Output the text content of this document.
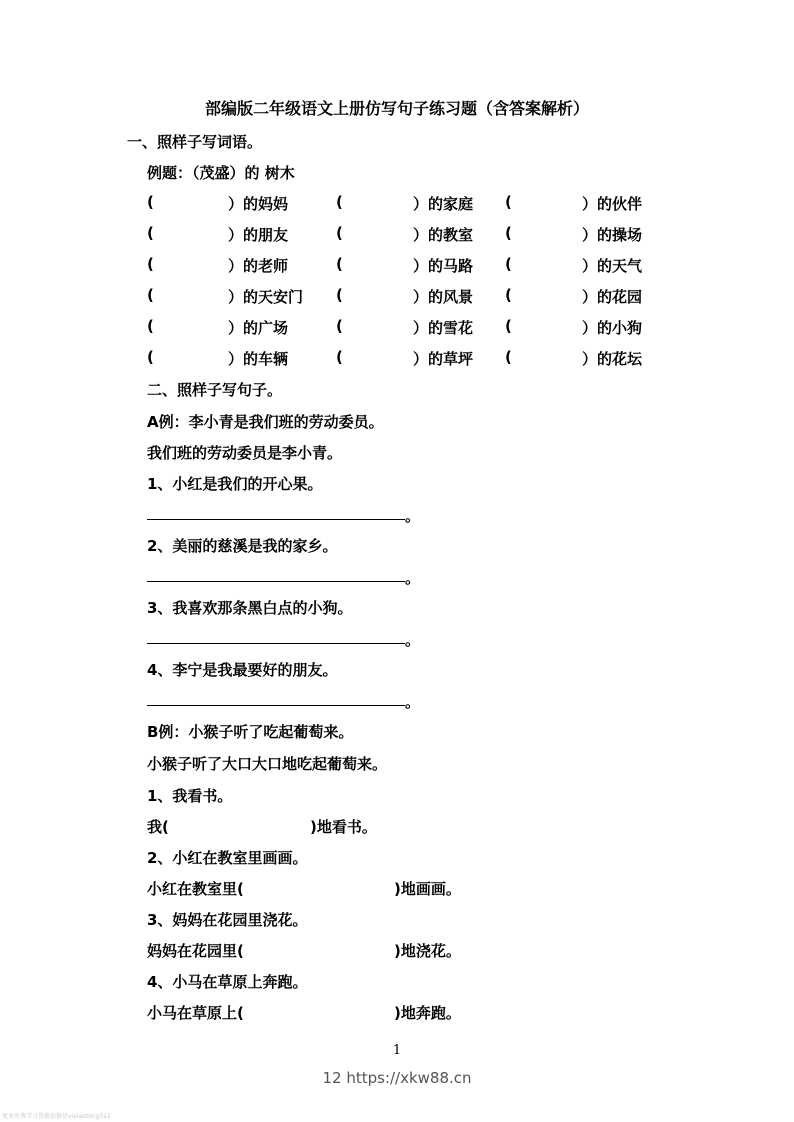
部编版二年级语文上册仿写句子练习题（含答案解析）
一、照样子写词语。
例题：（茂盛）的 树木
(	）的妈妈	(	）的家庭 (	）的伙伴
(	）的朋友	(	）的教室 (	）的操场
(	）的老师	(	）的马路 (	）的天气
(	）的天安门 (	）的风景 (	）的花园
(	）的广场	(	）的雪花 (	）的小狗
(	）的车辆	(	）的草坪 (	）的花坛
二、照样子写句子。
A例：李小青是我们班的劳动委员。
我们班的劳动委员是李小青。
1、小红是我们的开心果。
。
2、美丽的慈溪是我的家乡。
。
3、我喜欢那条黑白点的小狗。
。
4、李宁是我最要好的朋友。
。
B例：小猴子听了吃起葡萄来。
小猴子听了大口大口地吃起葡萄来。
1、我看书。
我(	)地看书。
2、小红在教室里画画。
小红在教室里(	)地画画。
3、妈妈在花园里浇花。
妈妈在花园里(	)地浇花。
4、小马在草原上奔跑。
小马在草原上(	)地奔跑。
1
12 https://xkw88.cn
更多免费学习资源加微信vixiaotong312
